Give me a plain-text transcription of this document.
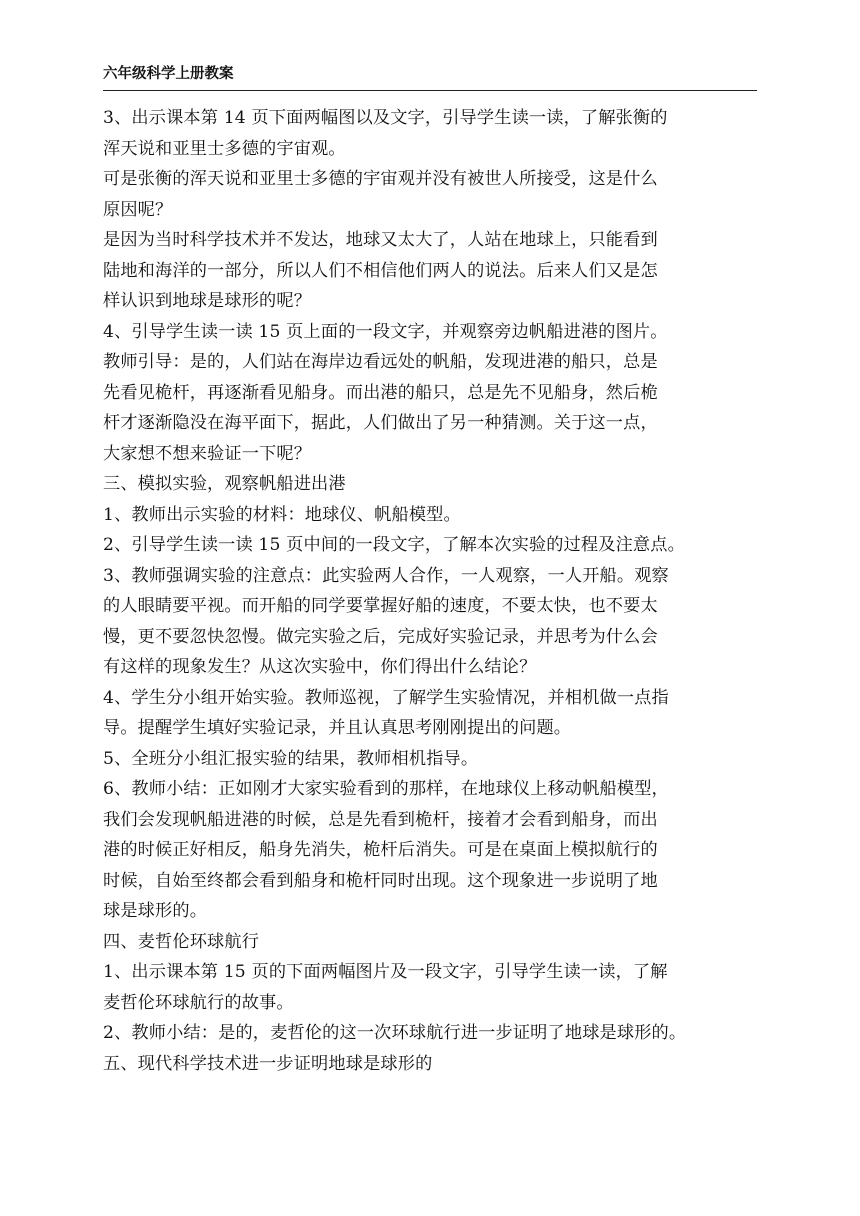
六年级科学上册教案
3、出示课本第 14 页下面两幅图以及文字，引导学生读一读，了解张衡的
浑天说和亚里士多德的宇宙观。
可是张衡的浑天说和亚里士多德的宇宙观并没有被世人所接受，这是什么
原因呢？
是因为当时科学技术并不发达，地球又太大了，人站在地球上，只能看到
陆地和海洋的一部分，所以人们不相信他们两人的说法。后来人们又是怎
样认识到地球是球形的呢？
4、引导学生读一读 15 页上面的一段文字，并观察旁边帆船进港的图片。
教师引导：是的，人们站在海岸边看远处的帆船，发现进港的船只，总是
先看见桅杆，再逐渐看见船身。而出港的船只，总是先不见船身，然后桅
杆才逐渐隐没在海平面下，据此，人们做出了另一种猜测。关于这一点，
大家想不想来验证一下呢？
三、模拟实验，观察帆船进出港
1、教师出示实验的材料：地球仪、帆船模型。
2、引导学生读一读 15 页中间的一段文字，了解本次实验的过程及注意点。
3、教师强调实验的注意点：此实验两人合作，一人观察，一人开船。观察
的人眼睛要平视。而开船的同学要掌握好船的速度，不要太快，也不要太
慢，更不要忽快忽慢。做完实验之后，完成好实验记录，并思考为什么会
有这样的现象发生？从这次实验中，你们得出什么结论？
4、学生分小组开始实验。教师巡视，了解学生实验情况，并相机做一点指
导。提醒学生填好实验记录，并且认真思考刚刚提出的问题。
5、全班分小组汇报实验的结果，教师相机指导。
6、教师小结：正如刚才大家实验看到的那样，在地球仪上移动帆船模型，
我们会发现帆船进港的时候，总是先看到桅杆，接着才会看到船身，而出
港的时候正好相反，船身先消失，桅杆后消失。可是在桌面上模拟航行的
时候，自始至终都会看到船身和桅杆同时出现。这个现象进一步说明了地
球是球形的。
四、麦哲伦环球航行
1、出示课本第 15 页的下面两幅图片及一段文字，引导学生读一读，了解
麦哲伦环球航行的故事。
2、教师小结：是的，麦哲伦的这一次环球航行进一步证明了地球是球形的。
五、现代科学技术进一步证明地球是球形的
